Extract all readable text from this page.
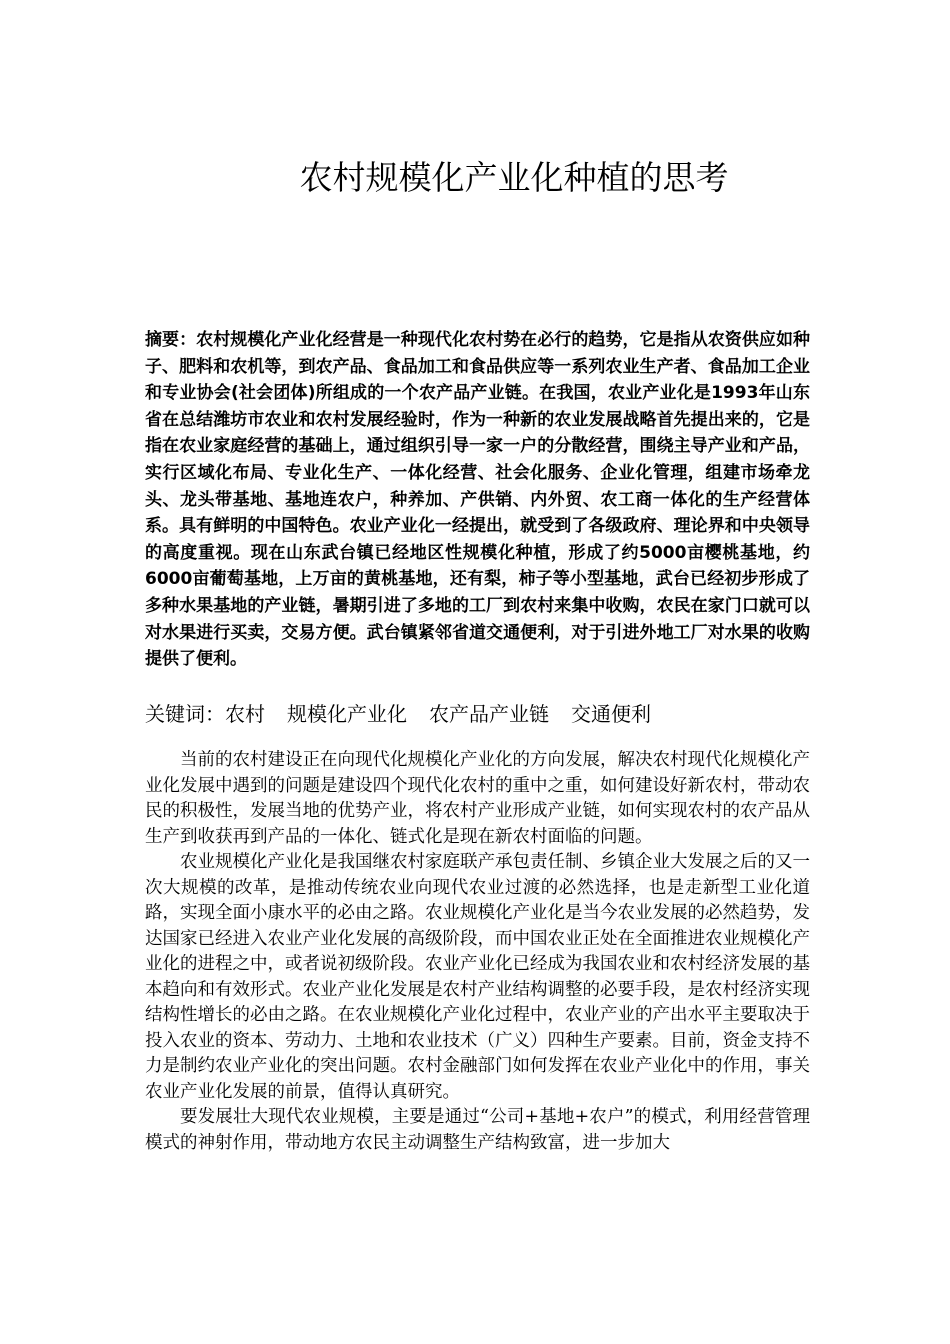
农村规模化产业化种植的思考

摘要：农村规模化产业化经营是一种现代化农村势在必行的趋势，它是指从农资供应如种子、肥料和农机等，到农产品、食品加工和食品供应等一系列农业生产者、食品加工企业和专业协会(社会团体)所组成的一个农产品产业链。在我国，农业产业化是1993年山东省在总结潍坊市农业和农村发展经验时，作为一种新的农业发展战略首先提出来的，它是指在农业家庭经营的基础上，通过组织引导一家一户的分散经营，围绕主导产业和产品，实行区域化布局、专业化生产、一体化经营、社会化服务、企业化管理，组建市场牵龙头、龙头带基地、基地连农户，种养加、产供销、内外贸、农工商一体化的生产经营体系。具有鲜明的中国特色。农业产业化一经提出，就受到了各级政府、理论界和中央领导的高度重视。现在山东武台镇已经地区性规模化种植，形成了约5000亩樱桃基地，约6000亩葡萄基地，上万亩的黄桃基地，还有梨，柿子等小型基地，武台已经初步形成了多种水果基地的产业链，暑期引进了多地的工厂到农村来集中收购，农民在家门口就可以对水果进行买卖，交易方便。武台镇紧邻省道交通便利，对于引进外地工厂对水果的收购提供了便利。

关键词：农村 规模化产业化 农产品产业链 交通便利

当前的农村建设正在向现代化规模化产业化的方向发展，解决农村现代化规模化产业化发展中遇到的问题是建设四个现代化农村的重中之重，如何建设好新农村，带动农民的积极性，发展当地的优势产业，将农村产业形成产业链，如何实现农村的农产品从生产到收获再到产品的一体化、链式化是现在新农村面临的问题。

农业规模化产业化是我国继农村家庭联产承包责任制、乡镇企业大发展之后的又一次大规模的改革，是推动传统农业向现代农业过渡的必然选择，也是走新型工业化道路，实现全面小康水平的必由之路。农业规模化产业化是当今农业发展的必然趋势，发达国家已经进入农业产业化发展的高级阶段，而中国农业正处在全面推进农业规模化产业化的进程之中，或者说初级阶段。农业产业化已经成为我国农业和农村经济发展的基本趋向和有效形式。农业产业化发展是农村产业结构调整的必要手段，是农村经济实现结构性增长的必由之路。在农业规模化产业化过程中，农业产业的产出水平主要取决于投入农业的资本、劳动力、土地和农业技术（广义）四种生产要素。目前，资金支持不力是制约农业产业化的突出问题。农村金融部门如何发挥在农业产业化中的作用，事关农业产业化发展的前景，值得认真研究。

要发展壮大现代农业规模，主要是通过“公司+基地+农户”的模式，利用经营管理模式的神射作用，带动地方农民主动调整生产结构致富，进一步加大
